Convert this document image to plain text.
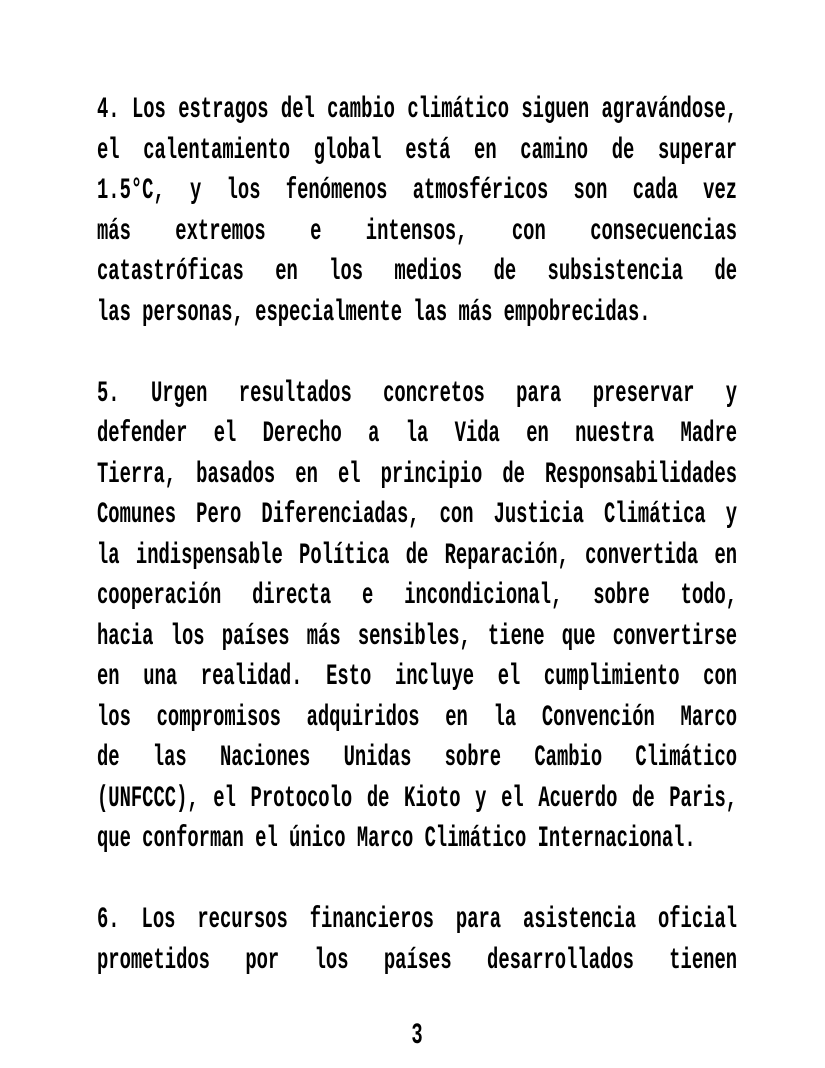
4. Los estragos del cambio climático siguen agravándose,
el calentamiento global está en camino de superar
1.5°C, y los fenómenos atmosféricos son cada vez
más extremos e intensos, con consecuencias
catastróficas en los medios de subsistencia de
las personas, especialmente las más empobrecidas.
5. Urgen resultados concretos para preservar y
defender el Derecho a la Vida en nuestra Madre
Tierra, basados en el principio de Responsabilidades
Comunes Pero Diferenciadas, con Justicia Climática y
la indispensable Política de Reparación, convertida en
cooperación directa e incondicional, sobre todo,
hacia los países más sensibles, tiene que convertirse
en una realidad. Esto incluye el cumplimiento con
los compromisos adquiridos en la Convención Marco
de las Naciones Unidas sobre Cambio Climático
(UNFCCC), el Protocolo de Kioto y el Acuerdo de Paris,
que conforman el único Marco Climático Internacional.
6. Los recursos financieros para asistencia oficial
prometidos por los países desarrollados tienen
3
